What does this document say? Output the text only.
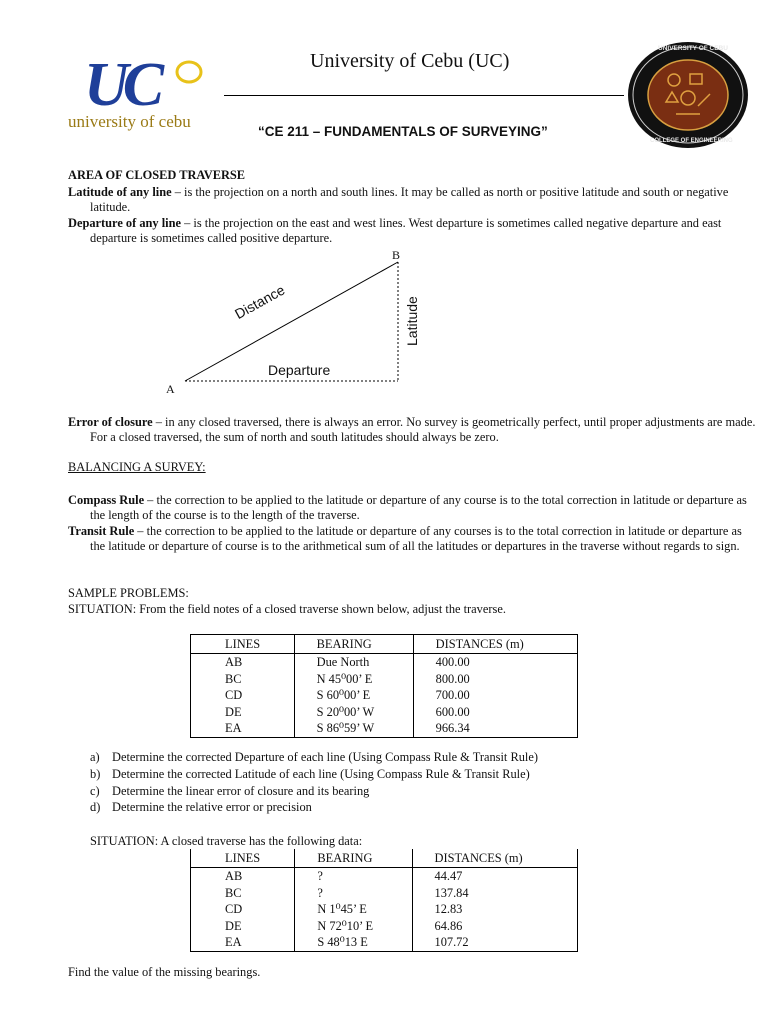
UC
university of cebu
University of Cebu (UC)
“CE 211 – FUNDAMENTALS OF SURVEYING”
UNIVERSITY OF CEBU
COLLEGE OF ENGINEERING
AREA OF CLOSED TRAVERSE
Latitude of any line – is the projection on a north and south lines. It may be called as north or positive latitude and south or negative latitude.
Departure of any line – is the projection on the east and west lines. West departure is sometimes called negative departure and east departure is sometimes called positive departure.
A
B
Distance
Departure
Latitude
Error of closure – in any closed traversed, there is always an error. No survey is geometrically perfect, until proper adjustments are made. For a closed traversed, the sum of north and south latitudes should always be zero.
BALANCING A SURVEY:
Compass Rule – the correction to be applied to the latitude or departure of any course is to the total correction in latitude or departure as the length of the course is to the length of the traverse.
Transit Rule – the correction to be applied to the latitude or departure of any courses is to the total correction in latitude or departure as the latitude or departure of course is to the arithmetical sum of all the latitudes or departures in the traverse without regards to sign.
SAMPLE PROBLEMS:
SITUATION: From the field notes of a closed traverse shown below, adjust the traverse.
LINES	BEARING	DISTANCES (m)
AB	Due North	400.00
BC	N 45⁰00’ E	800.00
CD	S 60⁰00’ E	700.00
DE	S 20⁰00’ W	600.00
EA	S 86⁰59’ W	966.34
a) Determine the corrected Departure of each line (Using Compass Rule & Transit Rule)
b) Determine the corrected Latitude of each line (Using Compass Rule & Transit Rule)
c) Determine the linear error of closure and its bearing
d) Determine the relative error or precision
SITUATION: A closed traverse has the following data:
LINES	BEARING	DISTANCES (m)
AB	?	44.47
BC	?	137.84
CD	N 1⁰45’ E	12.83
DE	N 72⁰10’ E	64.86
EA	S 48⁰13 E	107.72
Find the value of the missing bearings.
